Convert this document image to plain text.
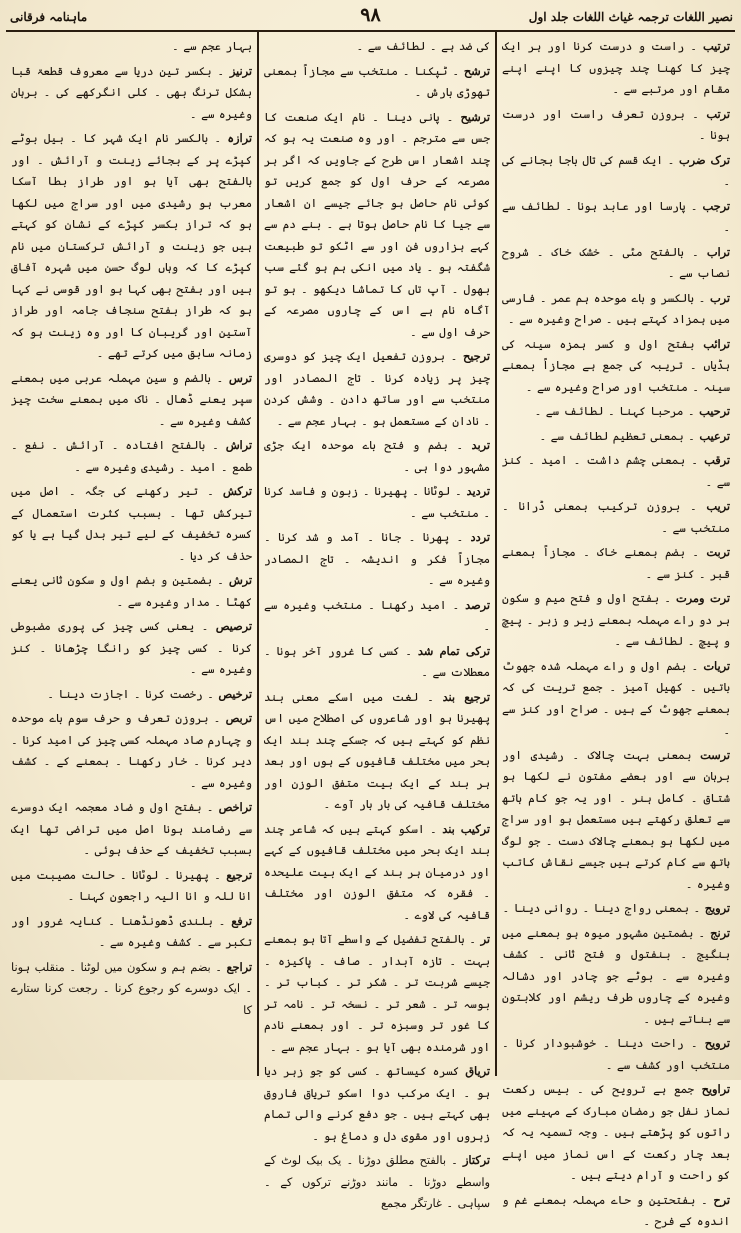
نصیر اللغات ترجمہ غیاث اللغات جلد اول
۹۸
ماہنامہ فرقانی

ترتیب ۔ راست و درست کرنا اور ہر ایک چیز کا کھنا چند چیزوں کا اپنے اپنے مقام اور مرتبے سے ۔

ترتب ۔ بروزن تعرف راست اور درست ہونا ۔

ترک ضرب ۔ ایک قسم کی تال باجا بجانے کی ۔

ترجب ۔ پارسا اور عابد ہونا ۔ لطائف سے ۔

تراب ۔ بالفتح مٹی ۔ خشک خاک ۔ شروح نصاب سے ۔

ترب ۔ بالکسر و باے موحدہ ہم عمر ۔ فارسی میں ہمزاد کہتے ہیں ۔ صراح وغیرہ سے ۔

ترائب بفتح اول و کسر ہمزہ سینہ کی ہڈیاں ۔ تریبہ کی جمع ہے مجازاً بمعنے سینہ ۔ منتخب اور صراح وغیرہ سے ۔

ترحیب ۔ مرحبا کہنا ۔ لطائف سے ۔

ترعیب ۔ بمعنی تعظیم لطائف سے ۔

ترقب ۔ بمعنی چشم داشت ۔ امید ۔ کنز سے ۔

تریب ۔ بروزن ترکیب بمعنی ڈرانا ۔ منتخب سے ۔

تربت ۔ بضم بمعنے خاک ۔ مجازاً بمعنے قبر ۔ کنز سے ۔

ترت ومرت ۔ بفتح اول و فتح میم و سکون ہر دو راے مہملہ بمعنے زیر و زبر ۔ پیچ و پیچ ۔ لطائف سے ۔

تریات ۔ بضم اول و راے مہملہ شدہ جھوٹ باتیں ۔ کھیل آمیز ۔ جمع تریت کی کہ بمعنے جھوٹ کے ہیں ۔ صراح اور کنز سے ۔

ترست بمعنی بہت چالاک ۔ رشیدی اور برہان سے اور بعضے مفتون نے لکھا ہو شتاق ۔ کامل ہنر ۔ اور یہ جو کام ہاتھ سے تعلق رکھتے ہیں مستعمل ہو اور سراج میں لکھا ہو بمعنے چالاک دست ۔ جو لوگ ہاتھ سے کام کرتے ہیں جیسے نقاش کاتب وغیرہ ۔

ترویج ۔ بمعنی رواج دینا ۔ روانی دینا ۔

ترنج ۔ بضمتین مشہور میوہ ہو بمعنے میں بنگیج ۔ بنفتول و فتح ثانی ۔ کشف وغیرہ سے ۔ بوٹے جو چادر اور دشالہ وغیرہ کے چاروں طرف ریشم اور کلابتون سے بناتے ہیں ۔

ترویح ۔ راحت دینا ۔ خوشبودار کرنا ۔ منتخب اور کشف سے ۔

تراویح جمع ہے ترویح کی ۔ بیس رکعت نماز نفل جو رمضان مبارک کے مہینے میں راتوں کو پڑھتے ہیں ۔ وجہ تسمیہ یہ کہ بعد چار رکعت کے اس نماز میں اپنے کو راحت و آرام دیتے ہیں ۔

ترح ۔ بفتحتین و حاے مہملہ بمعنے غم و اندوہ کے فرح ۔

کی ضد ہے ۔ لطائف سے ۔

ترشح ۔ ٹپکنا ۔ منتخب سے مجازاً بمعنی تھوڑی بارش ۔

ترشیح ۔ پانی دینا ۔ نام ایک صنعت کا جس سے مترجم ۔ اور وہ صنعت یہ ہو کہ چند اشعار اس طرح کے جاویں کہ اگر ہر مصرعہ کے حرف اول کو جمع کریں تو کوئی نام حاصل ہو جائے جیسے ان اشعار سے جیا کا نام حاصل ہوتا ہے ۔ بنے دم سے کہے ہزاروں فن اور سے اٹکو تو طبیعت شگفتہ ہو ۔ یاد میں انکی ہم ہو گئے سب بھول ۔ آپ تاں کا تماشا دیکھو ۔ ہو تو آگاہ نام ہے اس کے چاروں مصرعہ کے حرف اول سے ۔

ترجیح ۔ بروزن تفعیل ایک چیز کو دوسری چیز پر زیادہ کرنا ۔ تاج المصادر اور منتخب سے اور ساتھ دادن ۔ وشش کردن ۔ نادان کے مستعمل ہو ۔ بہار عجم سے ۔

تربد ۔ بضم و فتح باے موحدہ ایک جڑی مشہور دوا ہی ۔

تردید ۔ لوٹانا ۔ پھیرنا ۔ زبون و فاسد کرنا ۔ منتخب سے ۔

تردد ۔ پھرنا ۔ جانا ۔ آمد و شد کرنا ۔ مجازاً فکر و اندیشہ ۔ تاج المصادر وغیرہ سے ۔

ترصد ۔ امید رکھنا ۔ منتخب وغیرہ سے ۔

ترکی تمام شد ۔ کسی کا غرور آخر ہونا ۔ معطلات سے ۔

ترجیع بند ۔ لغت میں اسکے معنی بند پھیرنا ہو اور شاعروں کی اصطلاح میں اس نظم کو کہتے ہیں کہ جسکے چند بند ایک بحر میں مختلف قافیوں کے ہوں اور بعد ہر بند کے ایک بیت متفق الوزن اور مختلف قافیہ کی بار بار آوے ۔

ترکیب بند ۔ اسکو کہتے ہیں کہ شاعر چند بند ایک بحر میں مختلف قافیوں کے کہے اور درمیان ہر بند کے ایک بیت علیحدہ ۔ فقرہ کہ متفق الوزن اور مختلف قافیہ کی لاوے ۔

تر ۔ بالفتح تفضیل کے واسطے آتا ہو بمعنے بہت ۔ تازہ آبدار ۔ صاف ۔ پاکیزہ ۔ جیسے شربت تر ۔ شکر تر ۔ کباب تر ۔ بوسہ تر ۔ شعر تر ۔ نسخہ تر ۔ نامہ تر کا غور تر وسبزہ تر ۔ اور بمعنے نادم اور شرمندہ بھی آیا ہو ۔ بہار عجم سے ۔

تریاق کسرہ کیساتھ ۔ کسی کو جو زہر دیا ہو ۔ ایک مرکب دوا اسکو تریاق فاروق بھی کہتے ہیں ۔ جو دفع کرنے والی تمام زہروں اور مقوی دل و دماغ ہو ۔

ترکتاز ۔ بالفتح مطلق دوڑنا ۔ یک بیک لوٹ کے واسطے دوڑنا ۔ مانند دوڑنے ترکوں کے ۔ سپاہی ۔ غارتگر مجمع

بہار عجم سے ۔

ترنیز ۔ بکسر تین دریا سے معروف قطعۃ قبا بشکل ترنگ بھی ۔ کلی انگرکھے کی ۔ برہان وغیرہ سے ۔

ترازہ ۔ بالکسر نام ایک شہر کا ۔ بیل بوٹے کپڑے پر کے بجائے زینت و آرائش ۔ اور بالفتح بھی آیا ہو اور طراز بطا آسکا معرب ہو رشیدی میں اور سراج میں لکھا ہو کہ تراز بکسر کپڑے کے نشان کو کہتے ہیں جو زینت و آرائش ترکستان میں نام کپڑے کا کہ وہاں لوگ حسن میں شہرہ آفاق ہیں اور بفتح بھی کہا ہو اور قوسی نے کہا ہو کہ طراز بفتح سنجاف جامہ اور طراز آستین اور گریبان کا اور وہ زینت ہو کہ زمانہ سابق میں کرتے تھے ۔

ترس ۔ بالضم و سین مہملہ عربی میں بمعنے سپر یعنے ڈھال ۔ ناک میں بمعنے سخت چیز کشف وغیرہ سے ۔

تراش ۔ بالفتح افتادہ ۔ آرائش ۔ نفع ۔ طمع ۔ امید ۔ رشیدی وغیرہ سے ۔

ترکش ۔ تیر رکھنے کی جگہ ۔ اصل میں تیرکش تھا ۔ بسبب کثرت استعمال کے کسرہ تخفیف کے لیے تیر بدل گیا ہے یا کو حذف کر دیا ۔

ترش ۔ بضمتین و بضم اول و سکون ثانی یعنے کھٹا ۔ مدار وغیرہ سے ۔

ترصیص ۔ یعنی کسی چیز کی پوری مضبوطی کرنا ۔ کسی چیز کو رانگا چڑھانا ۔ کنز وغیرہ سے ۔

ترخیص ۔ رخصت کرنا ۔ اجازت دینا ۔

تربص ۔ بروزن تعرف و حرف سوم باے موحدہ و چہارم صاد مہملہ کسی چیز کی امید کرنا ۔ دیر کرنا ۔ خار رکھنا ۔ بمعنے کے ۔ کشف وغیرہ سے ۔

تراخص ۔ بفتح اول و ضاد معجمہ ایک دوسرے سے رضامند ہونا اصل میں تراضی تھا ایک بسبب تخفیف کے حذف ہوئی ۔

ترجیع ۔ پھیرنا ۔ لوٹانا ۔ حالت مصیبت میں انا للہ و انا الیہ راجعون کہنا ۔

ترفع ۔ بلندی ڈھونڈھنا ۔ کنایہ غرور اور تکبر سے ۔ کشف وغیرہ سے ۔

تراجع ۔ بضم ہم و سکون میں لوٹنا ۔ منقلب ہونا ۔ ایک دوسرے کو رجوع کرنا ۔ رجعت کرنا ستارے کا
